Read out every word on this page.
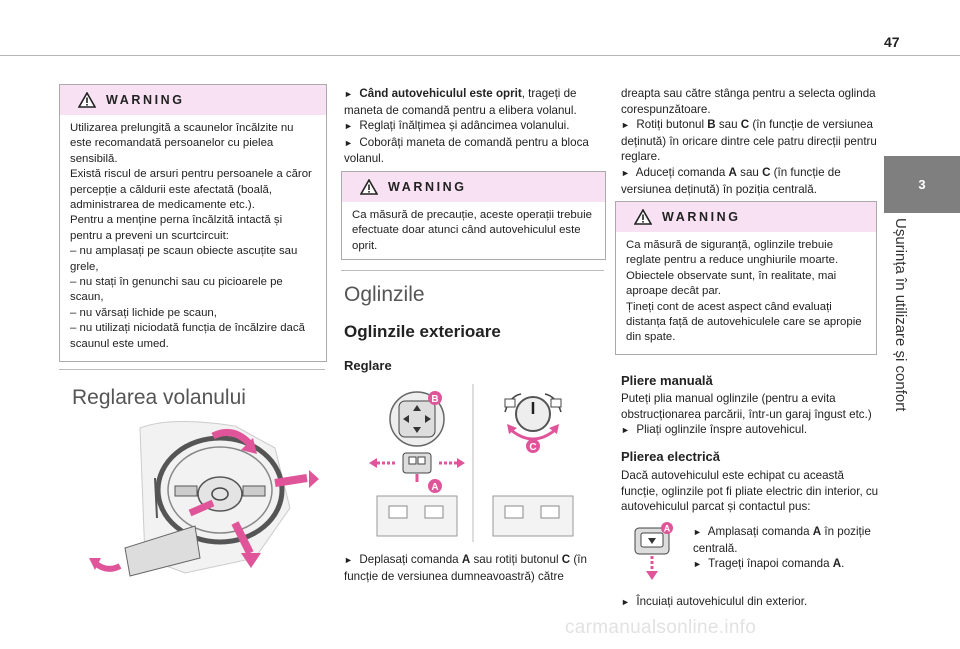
47
3
Ușurința în utilizare și confort
WARNING

Utilizarea prelungită a scaunelor încălzite nu este recomandată persoanelor cu pielea sensibilă.

Există riscul de arsuri pentru persoanele a căror percepție a căldurii este afectată (boală, administrarea de medicamente etc.).

Pentru a menține perna încălzită intactă și pentru a preveni un scurtcircuit:

– nu amplasați pe scaun obiecte ascuțite sau grele,

– nu stați în genunchi sau cu picioarele pe scaun,

– nu vărsați lichide pe scaun,

– nu utilizați niciodată funcția de încălzire dacă scaunul este umed.

Reglarea volanului

► Când autovehiculul este oprit, trageți de maneta de comandă pentru a elibera volanul.

► Reglați înălțimea și adâncimea volanului.

► Coborâți maneta de comandă pentru a bloca volanul.

WARNING

Ca măsură de precauție, aceste operații trebuie efectuate doar atunci când autovehiculul este oprit.

Oglinzile
Oglinzile exterioare
Reglare
B
A
C

► Deplasați comanda A sau rotiți butonul C (în funcție de versiunea dumneavoastră) către

dreapta sau către stânga pentru a selecta oglinda corespunzătoare.

► Rotiți butonul B sau C (în funcție de versiunea deținută) în oricare dintre cele patru direcții pentru reglare.

► Aduceți comanda A sau C (în funcție de versiunea deținută) în poziția centrală.

WARNING

Ca măsură de siguranță, oglinzile trebuie reglate pentru a reduce unghiurile moarte.

Obiectele observate sunt, în realitate, mai aproape decât par.

Țineți cont de acest aspect când evaluați distanța față de autovehiculele care se apropie din spate.

Pliere manuală

Puteți plia manual oglinzile (pentru a evita obstrucționarea parcării, într-un garaj îngust etc.)

► Pliați oglinzile înspre autovehicul.

Plierea electrică

Dacă autovehiculul este echipat cu această funcție, oglinzile pot fi pliate electric din interior, cu autovehiculul parcat și contactul pus:

A	► Amplasați comanda A în poziție centrală.

► Trageți înapoi comanda A.

► Încuiați autovehiculul din exterior.

carmanualsonline.info
